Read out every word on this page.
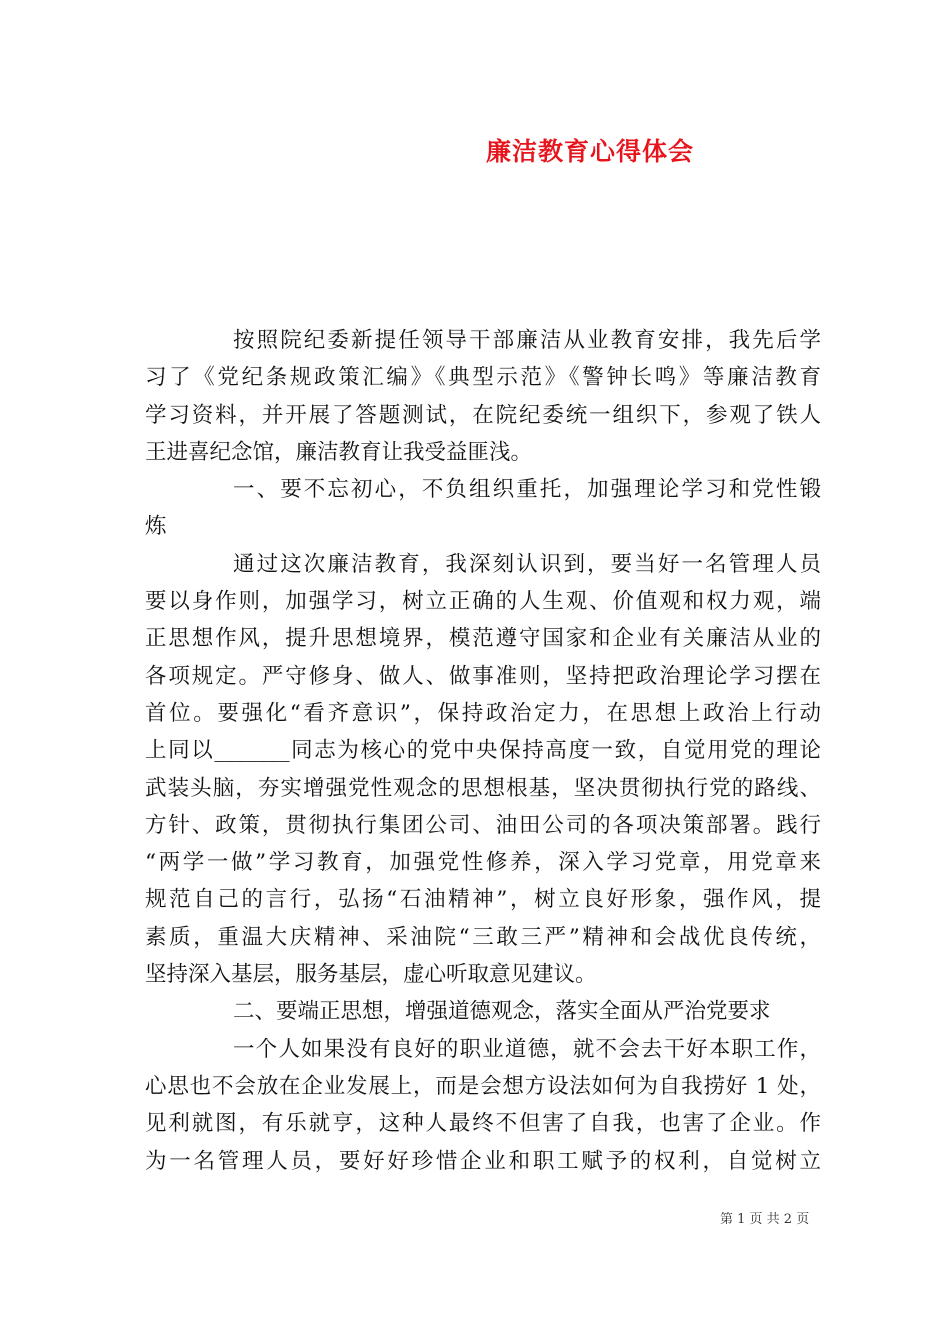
廉洁教育心得体会
按照院纪委新提任领导干部廉洁从业教育安排，我先后学
习了《党纪条规政策汇编》《典型示范》《警钟长鸣》等廉洁教育
学习资料，并开展了答题测试，在院纪委统一组织下，参观了铁人
王进喜纪念馆，廉洁教育让我受益匪浅。
一、要不忘初心，不负组织重托，加强理论学习和党性锻
炼
通过这次廉洁教育，我深刻认识到，要当好一名管理人员
要以身作则，加强学习，树立正确的人生观、价值观和权力观，端
正思想作风，提升思想境界，模范遵守国家和企业有关廉洁从业的
各项规定。严守修身、做人、做事准则，坚持把政治理论学习摆在
首位。要强化“看齐意识”，保持政治定力，在思想上政治上行动
上同以_______同志为核心的党中央保持高度一致，自觉用党的理论
武装头脑，夯实增强党性观念的思想根基，坚决贯彻执行党的路线、
方针、政策，贯彻执行集团公司、油田公司的各项决策部署。践行
“两学一做”学习教育，加强党性修养，深入学习党章，用党章来
规范自己的言行，弘扬“石油精神”，树立良好形象，强作风，提
素质，重温大庆精神、采油院“三敢三严”精神和会战优良传统，
坚持深入基层，服务基层，虚心听取意见建议。
二、要端正思想，增强道德观念，落实全面从严治党要求
一个人如果没有良好的职业道德，就不会去干好本职工作，
心思也不会放在企业发展上，而是会想方设法如何为自我捞好 1 处，
见利就图，有乐就亨，这种人最终不但害了自我，也害了企业。作
为一名管理人员，要好好珍惜企业和职工赋予的权利，自觉树立
第 1 页 共 2 页
